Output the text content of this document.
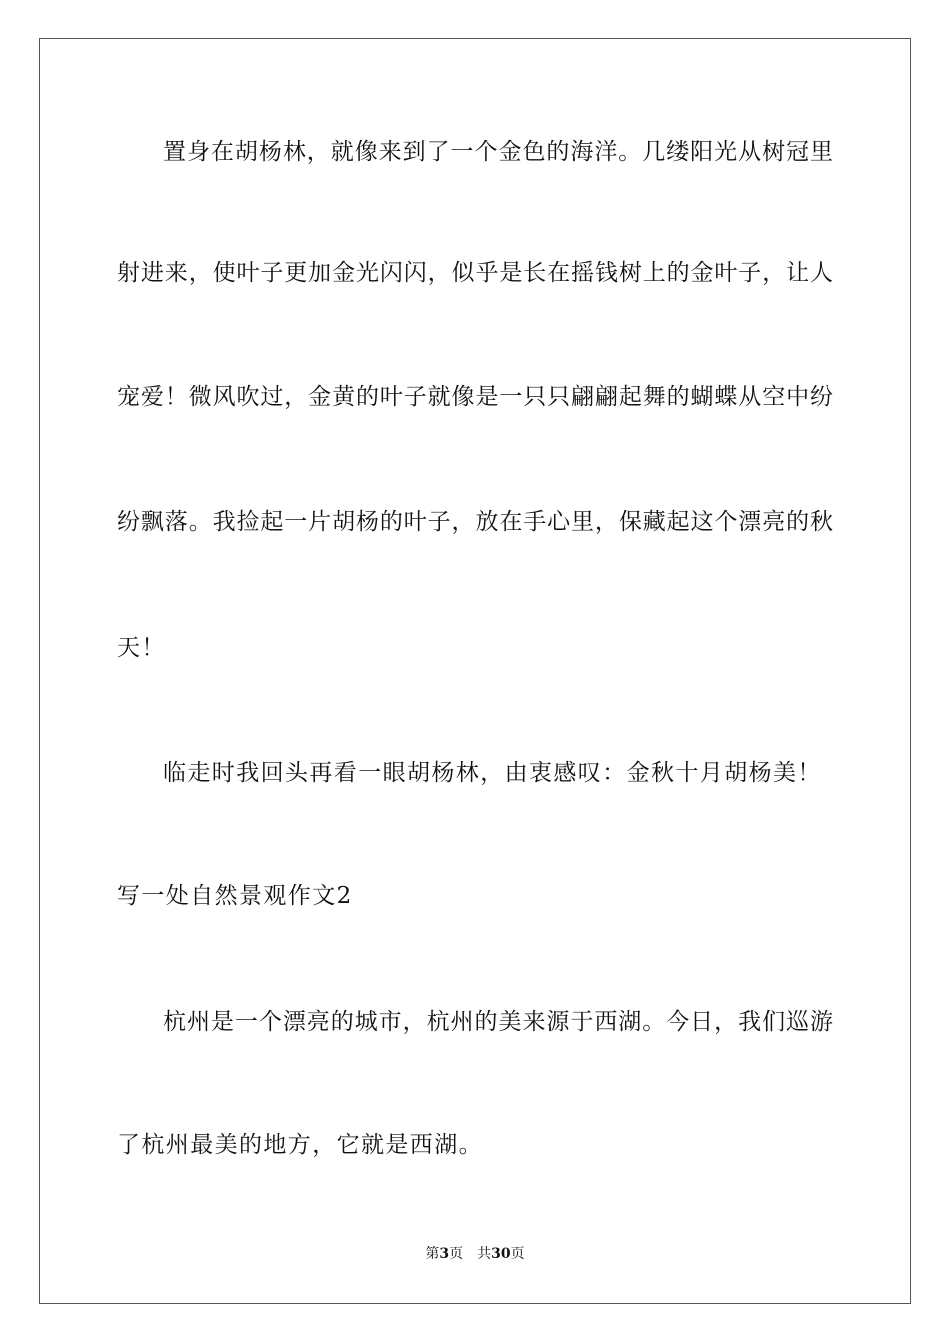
置身在胡杨林，就像来到了一个金色的海洋。几缕阳光从树冠里
射进来，使叶子更加金光闪闪，似乎是长在摇钱树上的金叶子，让人
宠爱！微风吹过，金黄的叶子就像是一只只翩翩起舞的蝴蝶从空中纷
纷飘落。我捡起一片胡杨的叶子，放在手心里，保藏起这个漂亮的秋
天！
临走时我回头再看一眼胡杨林，由衷感叹：金秋十月胡杨美！
写一处自然景观作文2
杭州是一个漂亮的城市，杭州的美来源于西湖。今日，我们巡游
了杭州最美的地方，它就是西湖。
第3页 共30页
